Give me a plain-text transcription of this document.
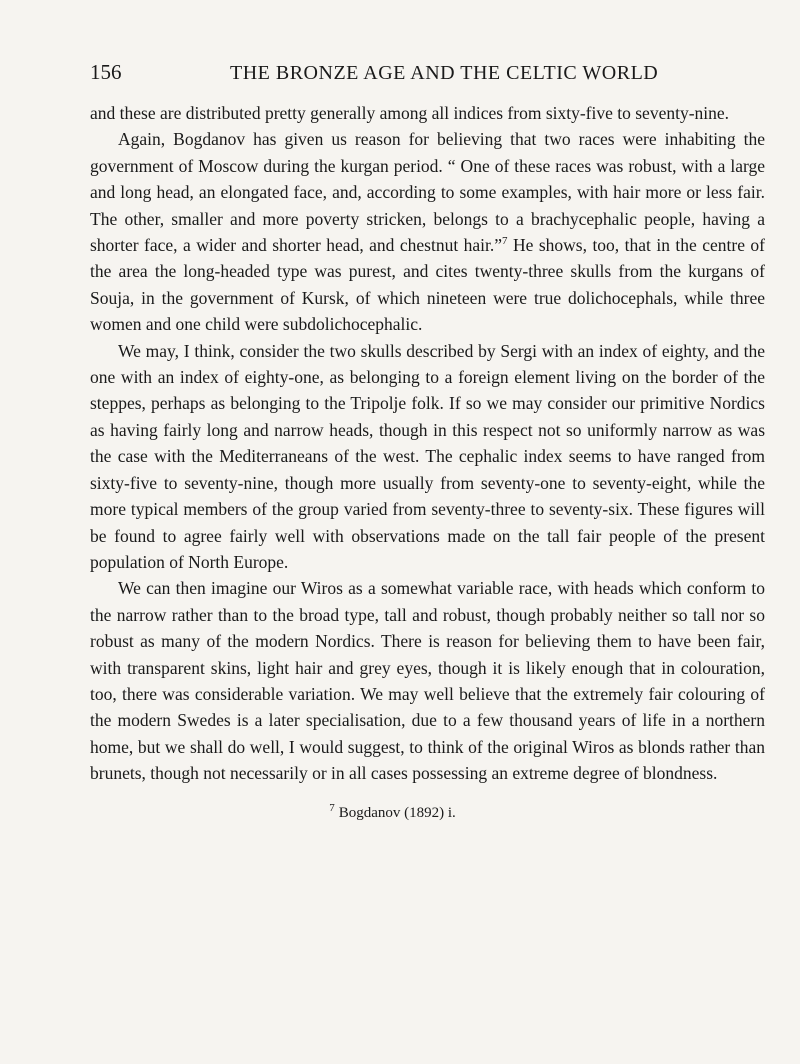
156	THE BRONZE AGE AND THE CELTIC WORLD

and these are distributed pretty generally among all indices from sixty-five to seventy-nine.

Again, Bogdanov has given us reason for believing that two races were inhabiting the government of Moscow during the kurgan period. “ One of these races was robust, with a large and long head, an elongated face, and, according to some examples, with hair more or less fair. The other, smaller and more poverty stricken, belongs to a brachycephalic people, having a shorter face, a wider and shorter head, and chestnut hair.”$^7$ He shows, too, that in the centre of the area the long-headed type was purest, and cites twenty-three skulls from the kurgans of Souja, in the government of Kursk, of which nineteen were true dolichocephals, while three women and one child were subdolichocephalic.

We may, I think, consider the two skulls described by Sergi with an index of eighty, and the one with an index of eighty-one, as belonging to a foreign element living on the border of the steppes, perhaps as belonging to the Tripolje folk. If so we may consider our primitive Nordics as having fairly long and narrow heads, though in this respect not so uniformly narrow as was the case with the Mediterraneans of the west. The cephalic index seems to have ranged from sixty-five to seventy-nine, though more usually from seventy-one to seventy-eight, while the more typical members of the group varied from seventy-three to seventy-six. These figures will be found to agree fairly well with observations made on the tall fair people of the present population of North Europe.

We can then imagine our Wiros as a somewhat variable race, with heads which conform to the narrow rather than to the broad type, tall and robust, though probably neither so tall nor so robust as many of the modern Nordics. There is reason for believing them to have been fair, with transparent skins, light hair and grey eyes, though it is likely enough that in colouration, too, there was considerable variation. We may well believe that the extremely fair colouring of the modern Swedes is a later specialisation, due to a few thousand years of life in a northern home, but we shall do well, I would suggest, to think of the original Wiros as blonds rather than brunets, though not necessarily or in all cases possessing an extreme degree of blondness.

$^7$ Bogdanov (1892) i.
